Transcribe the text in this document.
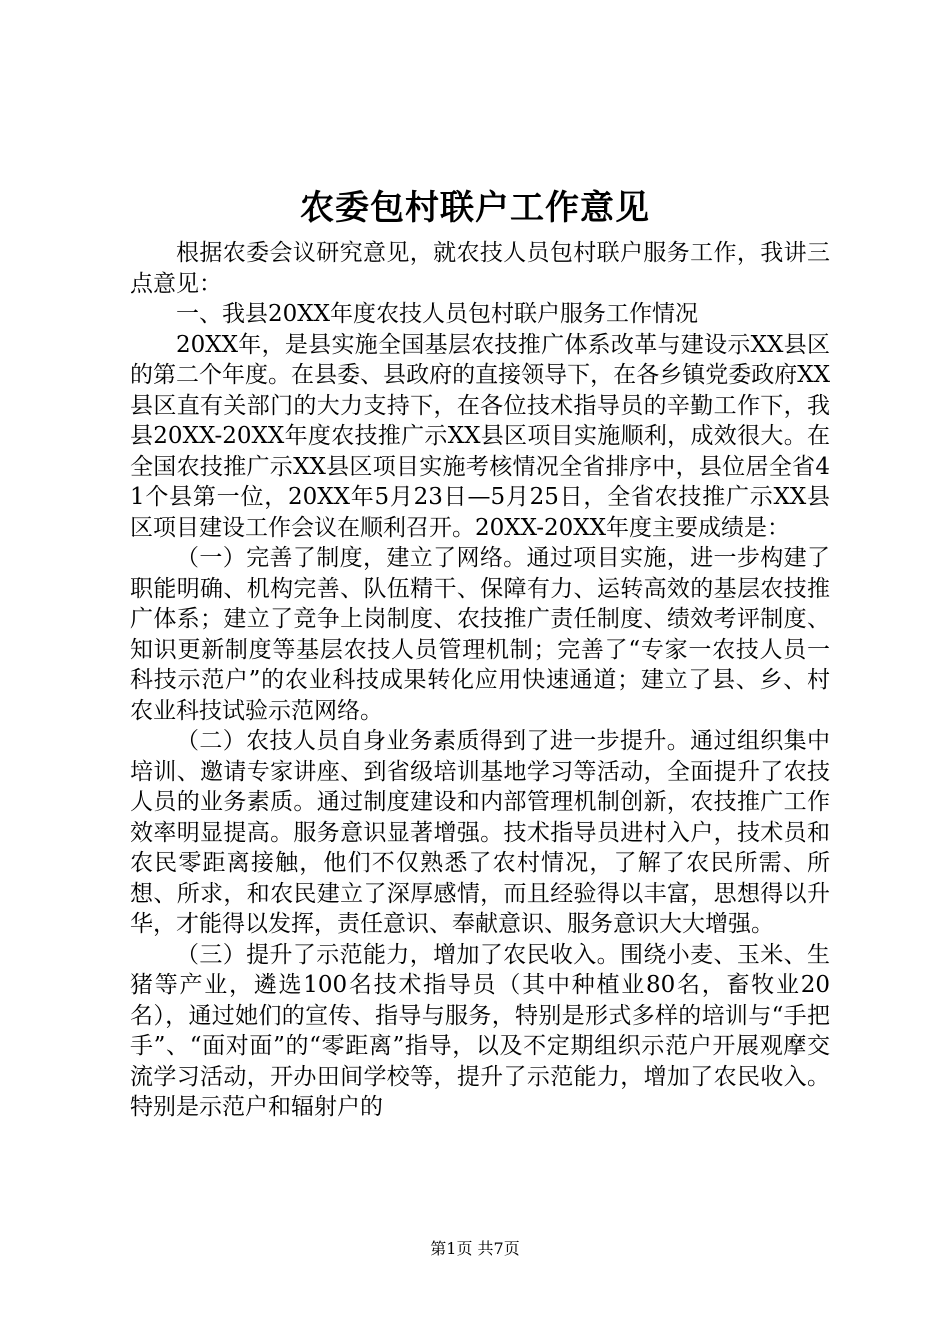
农委包村联户工作意见

根据农委会议研究意见，就农技人员包村联户服务工作，我讲三点意见：

一、我县20XX年度农技人员包村联户服务工作情况

20XX年，是县实施全国基层农技推广体系改革与建设示XX县区的第二个年度。在县委、县政府的直接领导下，在各乡镇党委政府XX县区直有关部门的大力支持下，在各位技术指导员的辛勤工作下，我县20XX-20XX年度农技推广示XX县区项目实施顺利，成效很大。在全国农技推广示XX县区项目实施考核情况全省排序中，县位居全省41个县第一位，20XX年5月23日—5月25日，全省农技推广示XX县区项目建设工作会议在顺利召开。20XX-20XX年度主要成绩是：

（一）完善了制度，建立了网络。通过项目实施，进一步构建了职能明确、机构完善、队伍精干、保障有力、运转高效的基层农技推广体系；建立了竞争上岗制度、农技推广责任制度、绩效考评制度、知识更新制度等基层农技人员管理机制；完善了“专家一农技人员一科技示范户”的农业科技成果转化应用快速通道；建立了县、乡、村农业科技试验示范网络。

（二）农技人员自身业务素质得到了进一步提升。通过组织集中培训、邀请专家讲座、到省级培训基地学习等活动，全面提升了农技人员的业务素质。通过制度建设和内部管理机制创新，农技推广工作效率明显提高。服务意识显著增强。技术指导员进村入户，技术员和农民零距离接触，他们不仅熟悉了农村情况，了解了农民所需、所想、所求，和农民建立了深厚感情，而且经验得以丰富，思想得以升华，才能得以发挥，责任意识、奉献意识、服务意识大大增强。

（三）提升了示范能力，增加了农民收入。围绕小麦、玉米、生猪等产业，遴选100名技术指导员（其中种植业80名，畜牧业20名），通过她们的宣传、指导与服务，特别是形式多样的培训与“手把手”、“面对面”的“零距离”指导，以及不定期组织示范户开展观摩交流学习活动，开办田间学校等，提升了示范能力，增加了农民收入。特别是示范户和辐射户的

第1页 共7页
